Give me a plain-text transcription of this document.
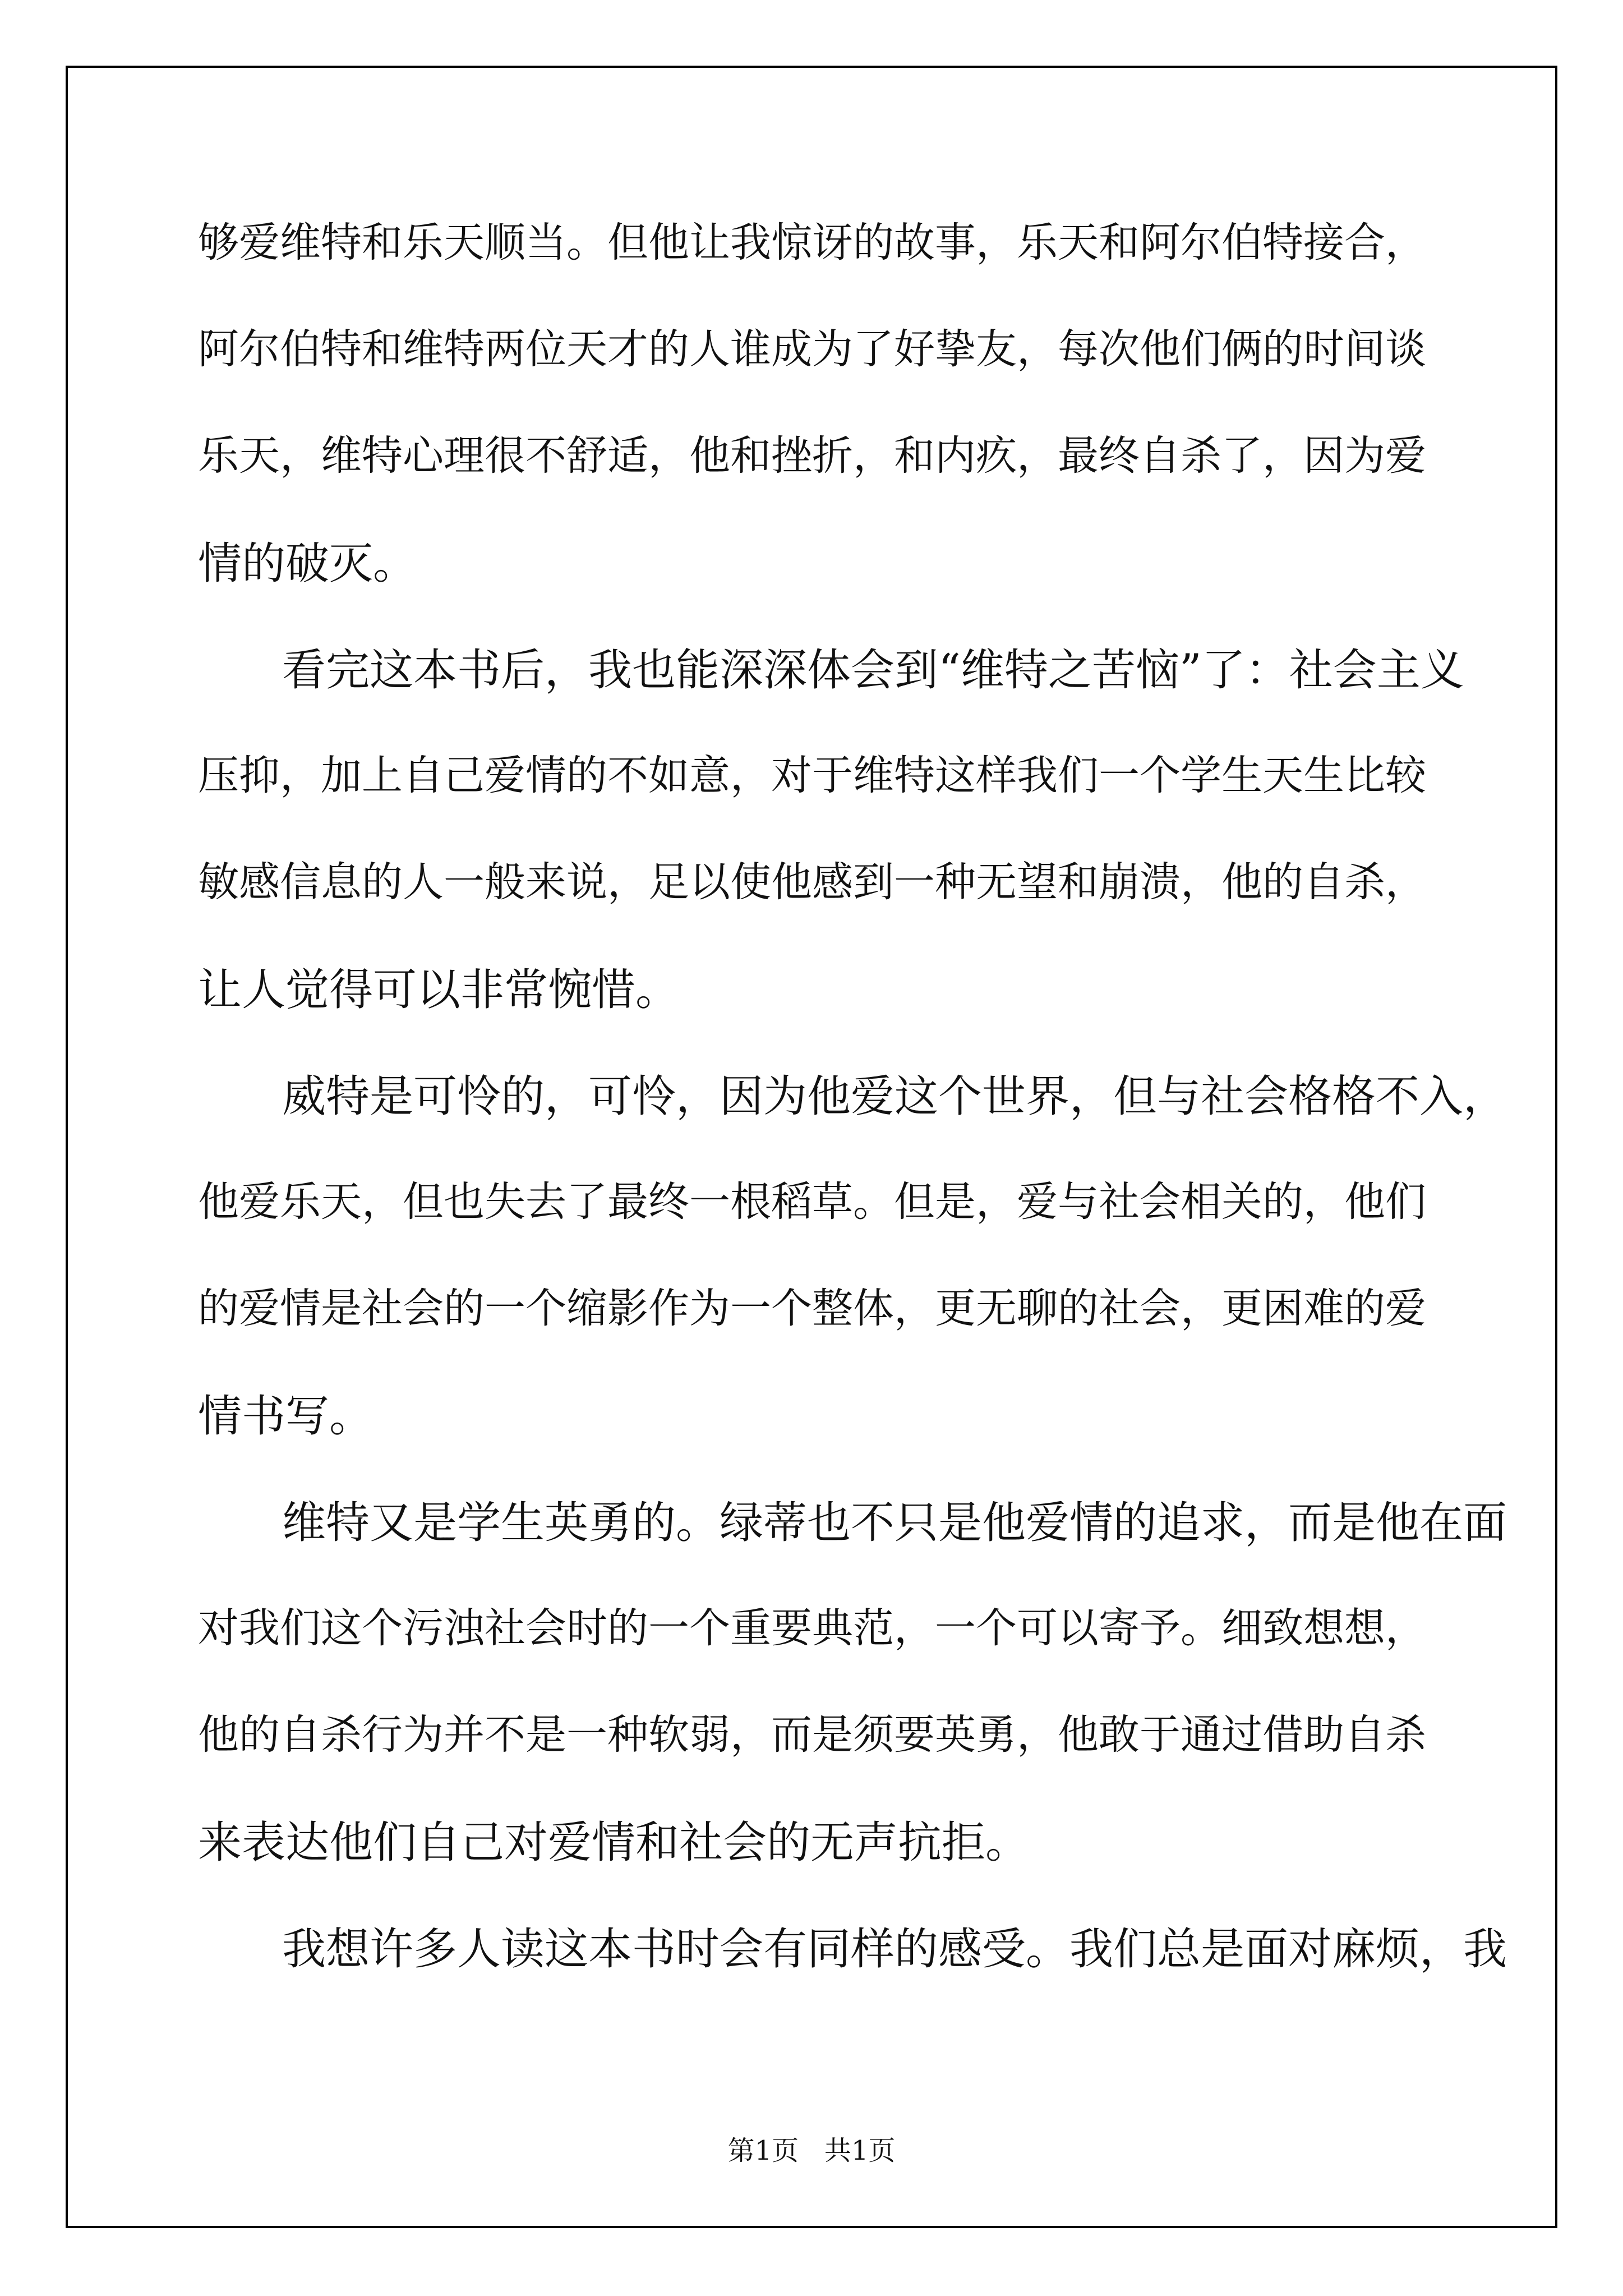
够爱维特和乐天顺当。但他让我惊讶的故事，乐天和阿尔伯特接合，
阿尔伯特和维特两位天才的人谁成为了好挚友，每次他们俩的时间谈
乐天，维特心理很不舒适，他和挫折，和内疚，最终自杀了，因为爱
情的破灭。
看完这本书后，我也能深深体会到“维特之苦恼”了：社会主义
压抑，加上自己爱情的不如意，对于维特这样我们一个学生天生比较
敏感信息的人一般来说，足以使他感到一种无望和崩溃，他的自杀，
让人觉得可以非常惋惜。
威特是可怜的，可怜，因为他爱这个世界，但与社会格格不入，
他爱乐天，但也失去了最终一根稻草。但是，爱与社会相关的，他们
的爱情是社会的一个缩影作为一个整体，更无聊的社会，更困难的爱
情书写。
维特又是学生英勇的。绿蒂也不只是他爱情的追求，而是他在面
对我们这个污浊社会时的一个重要典范，一个可以寄予。细致想想，
他的自杀行为并不是一种软弱，而是须要英勇，他敢于通过借助自杀
来表达他们自己对爱情和社会的无声抗拒。
我想许多人读这本书时会有同样的感受。我们总是面对麻烦，我
第1页   共1页
